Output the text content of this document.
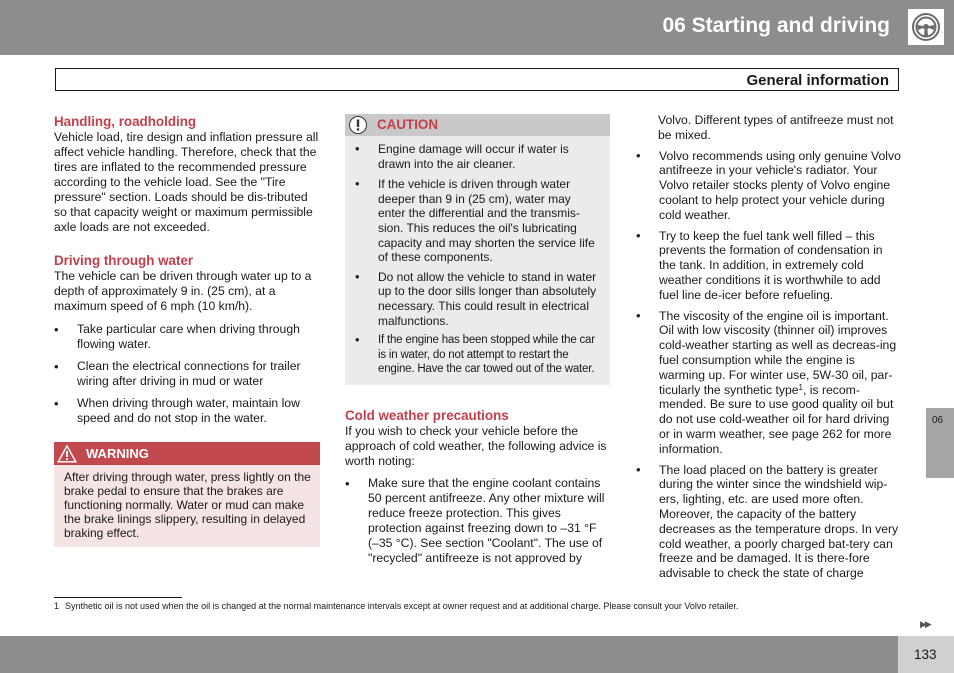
06 Starting and driving
General information
Handling, roadholding

Vehicle load, tire design and inflation pressure all affect vehicle handling. Therefore, check that the tires are inflated to the recommended pressure according to the vehicle load. See the "Tire pressure" section. Loads should be dis-tributed so that capacity weight or maximum permissible axle loads are not exceeded.

Driving through water

The vehicle can be driven through water up to a depth of approximately 9 in. (25 cm), at a maximum speed of 6 mph (10 km/h).

• Take particular care when driving through flowing water.
• Clean the electrical connections for trailer wiring after driving in mud or water
• When driving through water, maintain low speed and do not stop in the water.
WARNING
After driving through water, press lightly on the brake pedal to ensure that the brakes are functioning normally. Water or mud can make the brake linings slippery, resulting in delayed braking effect.
CAUTION
• Engine damage will occur if water is drawn into the air cleaner.
• If the vehicle is driven through water deeper than 9 in (25 cm), water may enter the differential and the transmis-sion. This reduces the oil's lubricating capacity and may shorten the service life of these components.
• Do not allow the vehicle to stand in water up to the door sills longer than absolutely necessary. This could result in electrical malfunctions.
• If the engine has been stopped while the car is in water, do not attempt to restart the engine. Have the car towed out of the water.
Cold weather precautions

If you wish to check your vehicle before the approach of cold weather, the following advice is worth noting:

• Make sure that the engine coolant contains 50 percent antifreeze. Any other mixture will reduce freeze protection. This gives protection against freezing down to –31 °F (–35 °C). See section "Coolant". The use of "recycled" antifreeze is not approved by

Volvo. Different types of antifreeze must not be mixed.

• Volvo recommends using only genuine Volvo antifreeze in your vehicle's radiator. Your Volvo retailer stocks plenty of Volvo engine coolant to help protect your vehicle during cold weather.
• Try to keep the fuel tank well filled – this prevents the formation of condensation in the tank. In addition, in extremely cold weather conditions it is worthwhile to add fuel line de-icer before refueling.
• The viscosity of the engine oil is important. Oil with low viscosity (thinner oil) improves cold-weather starting as well as decreas-ing fuel consumption while the engine is warming up. For winter use, 5W-30 oil, par-ticularly the synthetic type$^1$, is recom-mended. Be sure to use good quality oil but do not use cold-weather oil for hard driving or in warm weather, see page 262 for more information.
• The load placed on the battery is greater during the winter since the windshield wip-ers, lighting, etc. are used more often. Moreover, the capacity of the battery decreases as the temperature drops. In very cold weather, a poorly charged bat-tery can freeze and be damaged. It is there-fore advisable to check the state of charge
1 Synthetic oil is not used when the oil is changed at the normal maintenance intervals except at owner request and at additional charge. Please consult your Volvo retailer.
06
▶▶
133
